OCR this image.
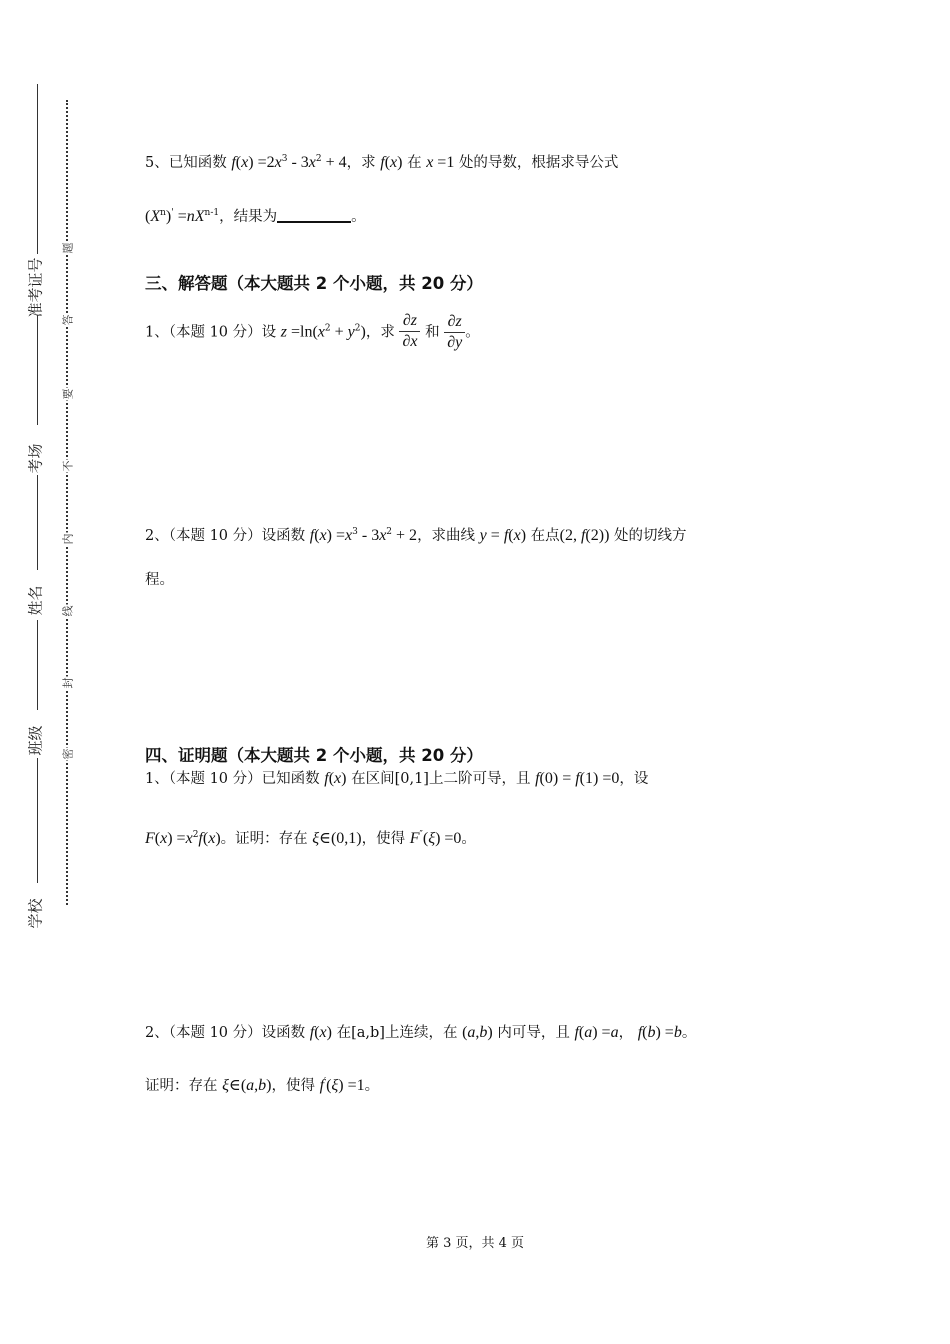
准考证号
考场
姓名
班级
学校
题
答
要
不
内
线
封
密
5、已知函数 $f(x) =2x^3 - 3x^2 + 4$，求 f(x) 在 x =1 处的导数，根据求导公式
$(X^n)' =nX^{n-1}$，结果为	。
三、解答题（本大题共 2 个小题，共 20 分）
1、（本题 10 分）设 $z =\ln(x^2 + y^2)$，求 $\frac{\partial z}{\partial x}$ 和 $\frac{\partial z}{\partial y}$ 。
2、（本题 10 分）设函数 $f(x) =x^3 - 3x^2 + 2$，求曲线 y = f(x) 在点(2, f(2)) 处的切线方
程。
四、证明题（本大题共 2 个小题，共 20 分）
1、（本题 10 分）已知函数 f(x) 在区间[0,1]上二阶可导，且 f(0) = f(1) =0，设
$F(x) =x^2f(x)$。证明：存在 ξ∈(0,1)，使得 F″(ξ) =0。
2、（本题 10 分）设函数 f(x) 在[a,b]上连续，在 (a,b) 内可导，且 f(a) =a， f(b) =b。
证明：存在 ξ∈(a,b)，使得 f′(ξ) =1。
第 3 页，共 4 页
